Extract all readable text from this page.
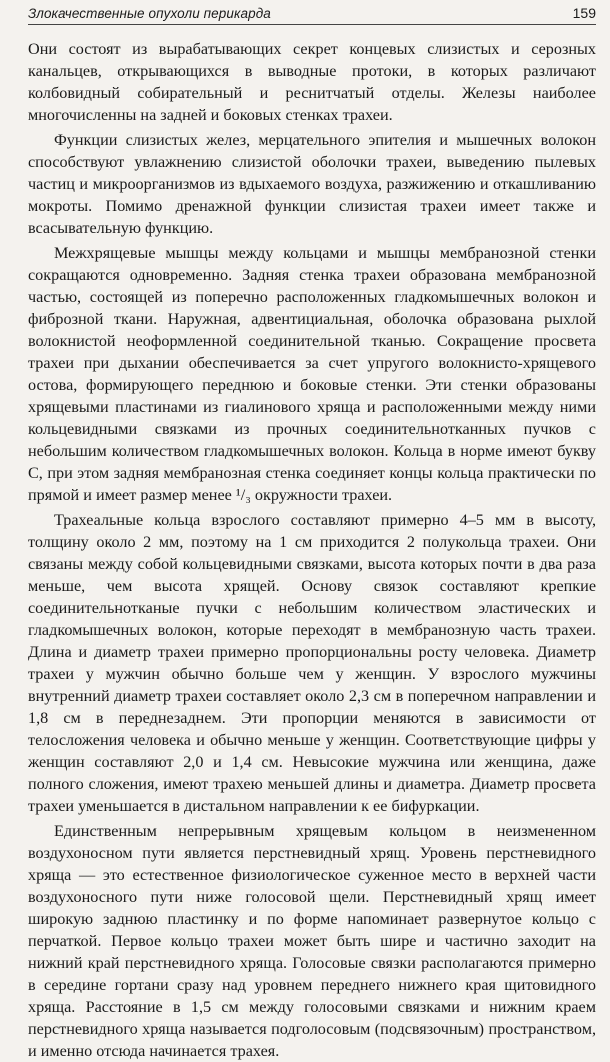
Злокачественные опухоли перикарда	159

Они состоят из вырабатывающих секрет концевых слизистых и серозных канальцев, открывающихся в выводные протоки, в которых различают колбовидный собирательный и реснитчатый отделы. Железы наиболее многочисленны на задней и боковых стенках трахеи.

Функции слизистых желез, мерцательного эпителия и мышечных волокон способствуют увлажнению слизистой оболочки трахеи, выведению пылевых частиц и микроорганизмов из вдыхаемого воздуха, разжижению и откашливанию мокроты. Помимо дренажной функции слизистая трахеи имеет также и всасывательную функцию.

Межхрящевые мышцы между кольцами и мышцы мембранозной стенки сокращаются одновременно. Задняя стенка трахеи образована мембранозной частью, состоящей из поперечно расположенных гладкомышечных волокон и фиброзной ткани. Наружная, адвентициальная, оболочка образована рыхлой волокнистой неоформленной соединительной тканью. Сокращение просвета трахеи при дыхании обеспечивается за счет упругого волокнисто-хрящевого остова, формирующего переднюю и боковые стенки. Эти стенки образованы хрящевыми пластинами из гиалинового хряща и расположенными между ними кольцевидными связками из прочных соединительнотканных пучков с небольшим количеством гладкомышечных волокон. Кольца в норме имеют букву С, при этом задняя мембранозная стенка соединяет концы кольца практически по прямой и имеет размер менее ¹/₃ окружности трахеи.

Трахеальные кольца взрослого составляют примерно 4–5 мм в высоту, толщину около 2 мм, поэтому на 1 см приходится 2 полукольца трахеи. Они связаны между собой кольцевидными связками, высота которых почти в два раза меньше, чем высота хрящей. Основу связок составляют крепкие соединительнотканые пучки с небольшим количеством эластических и гладкомышечных волокон, которые переходят в мембранозную часть трахеи. Длина и диаметр трахеи примерно пропорциональны росту человека. Диаметр трахеи у мужчин обычно больше чем у женщин. У взрослого мужчины внутренний диаметр трахеи составляет около 2,3 см в поперечном направлении и 1,8 см в переднезаднем. Эти пропорции меняются в зависимости от телосложения человека и обычно меньше у женщин. Соответствующие цифры у женщин составляют 2,0 и 1,4 см. Невысокие мужчина или женщина, даже полного сложения, имеют трахею меньшей длины и диаметра. Диаметр просвета трахеи уменьшается в дистальном направлении к ее бифуркации.

Единственным непрерывным хрящевым кольцом в неизмененном воздухоносном пути является перстневидный хрящ. Уровень перстневидного хряща — это естественное физиологическое суженное место в верхней части воздухоносного пути ниже голосовой щели. Перстневидный хрящ имеет широкую заднюю пластинку и по форме напоминает развернутое кольцо с перчаткой. Первое кольцо трахеи может быть шире и частично заходит на нижний край перстневидного хряща. Голосовые связки располагаются примерно в середине гортани сразу над уровнем переднего нижнего края щитовидного хряща. Расстояние в 1,5 см между голосовыми связками и нижним краем перстневидного хряща называется подголосовым (подсвязочным) пространством, и именно отсюда начинается трахея.
